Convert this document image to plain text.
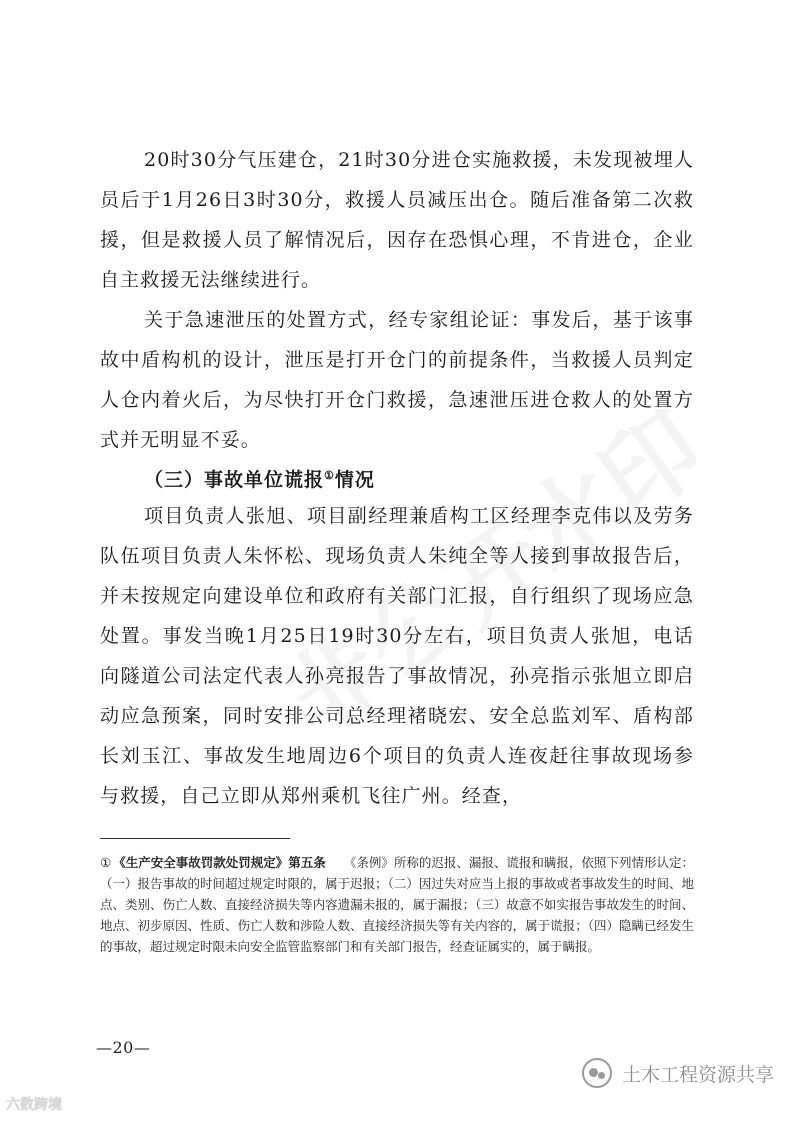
20时30分气压建仓，21时30分进仓实施救援，未发现被埋人员后于1月26日3时30分，救援人员减压出仓。随后准备第二次救援，但是救援人员了解情况后，因存在恐惧心理，不肯进仓，企业自主救援无法继续进行。

关于急速泄压的处置方式，经专家组论证：事发后，基于该事故中盾构机的设计，泄压是打开仓门的前提条件，当救援人员判定人仓内着火后，为尽快打开仓门救援，急速泄压进仓救人的处置方式并无明显不妥。

（三）事故单位谎报①情况

项目负责人张旭、项目副经理兼盾构工区经理李克伟以及劳务队伍项目负责人朱怀松、现场负责人朱纯全等人接到事故报告后，并未按规定向建设单位和政府有关部门汇报，自行组织了现场应急处置。事发当晚1月25日19时30分左右，项目负责人张旭，电话向隧道公司法定代表人孙亮报告了事故情况，孙亮指示张旭立即启动应急预案，同时安排公司总经理褚晓宏、安全总监刘军、盾构部长刘玉江、事故发生地周边6个项目的负责人连夜赶往事故现场参与救援，自己立即从郑州乘机飞往广州。经查，

① 《生产安全事故罚款处罚规定》第五条 《条例》所称的迟报、漏报、谎报和瞒报，依照下列情形认定：（一）报告事故的时间超过规定时限的，属于迟报；（二）因过失对应当上报的事故或者事故发生的时间、地点、类别、伤亡人数、直接经济损失等内容遗漏未报的，属于漏报；（三）故意不如实报告事故发生的时间、地点、初步原因、性质、伤亡人数和涉险人数、直接经济损失等有关内容的，属于谎报；（四）隐瞒已经发生的事故，超过规定时限未向安全监管监察部门和有关部门报告，经查证属实的，属于瞒报。

—20—
土木工程资源共享
六数跨境
